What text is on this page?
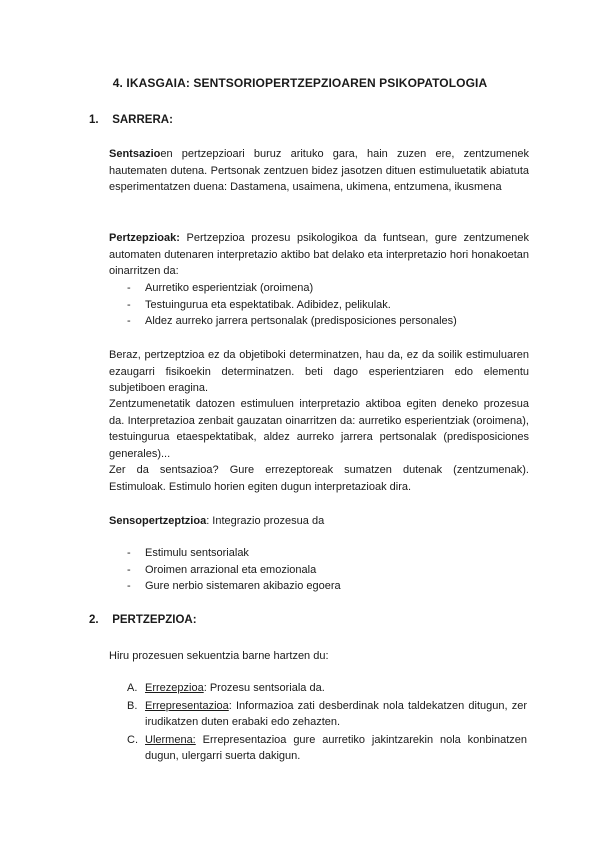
4. IKASGAIA: SENTSORIOPERTZEPZIOAREN PSIKOPATOLOGIA
1. SARRERA:

Sentsazioen pertzepzioari buruz arituko gara, hain zuzen ere, zentzumenek hautematen dutena. Pertsonak zentzuen bidez jasotzen dituen estimuluetatik abiatuta esperimentatzen duena: Dastamena, usaimena, ukimena, entzumena, ikusmena

Pertzepzioak: Pertzepzioa prozesu psikologikoa da funtsean, gure zentzumenek automaten dutenaren interpretazio aktibo bat delako eta interpretazio hori honakoetan oinarritzen da:

- Aurretiko esperientziak (oroimena)
- Testuingurua eta espektatibak. Adibidez, pelikulak.
- Aldez aurreko jarrera pertsonalak (predisposiciones personales)

Beraz, pertzeptzioa ez da objetiboki determinatzen, hau da, ez da soilik estimuluaren ezaugarri fisikoekin determinatzen. beti dago esperientziaren edo elementu subjetiboen eragina.

Zentzumenetatik datozen estimuluen interpretazio aktiboa egiten deneko prozesua da. Interpretazioa zenbait gauzatan oinarritzen da: aurretiko esperientziak (oroimena), testuingurua etaespektatibak, aldez aurreko jarrera pertsonalak (predisposiciones generales)...

Zer da sentsazioa? Gure errezeptoreak sumatzen dutenak (zentzumenak). Estimuloak. Estimulo horien egiten dugun interpretazioak dira.

Sensopertzeptzioa: Integrazio prozesua da

- Estimulu sentsorialak
- Oroimen arrazional eta emozionala
- Gure nerbio sistemaren akibazio egoera
2. PERTZEPZIOA:

Hiru prozesuen sekuentzia barne hartzen du:

A. Errezepzioa: Prozesu sentsoriala da.
B. Errepresentazioa: Informazioa zati desberdinak nola taldekatzen ditugun, zer irudikatzen duten erabaki edo zehazten.
C. Ulermena: Errepresentazioa gure aurretiko jakintzarekin nola konbinatzen dugun, ulergarri suerta dakigun.
